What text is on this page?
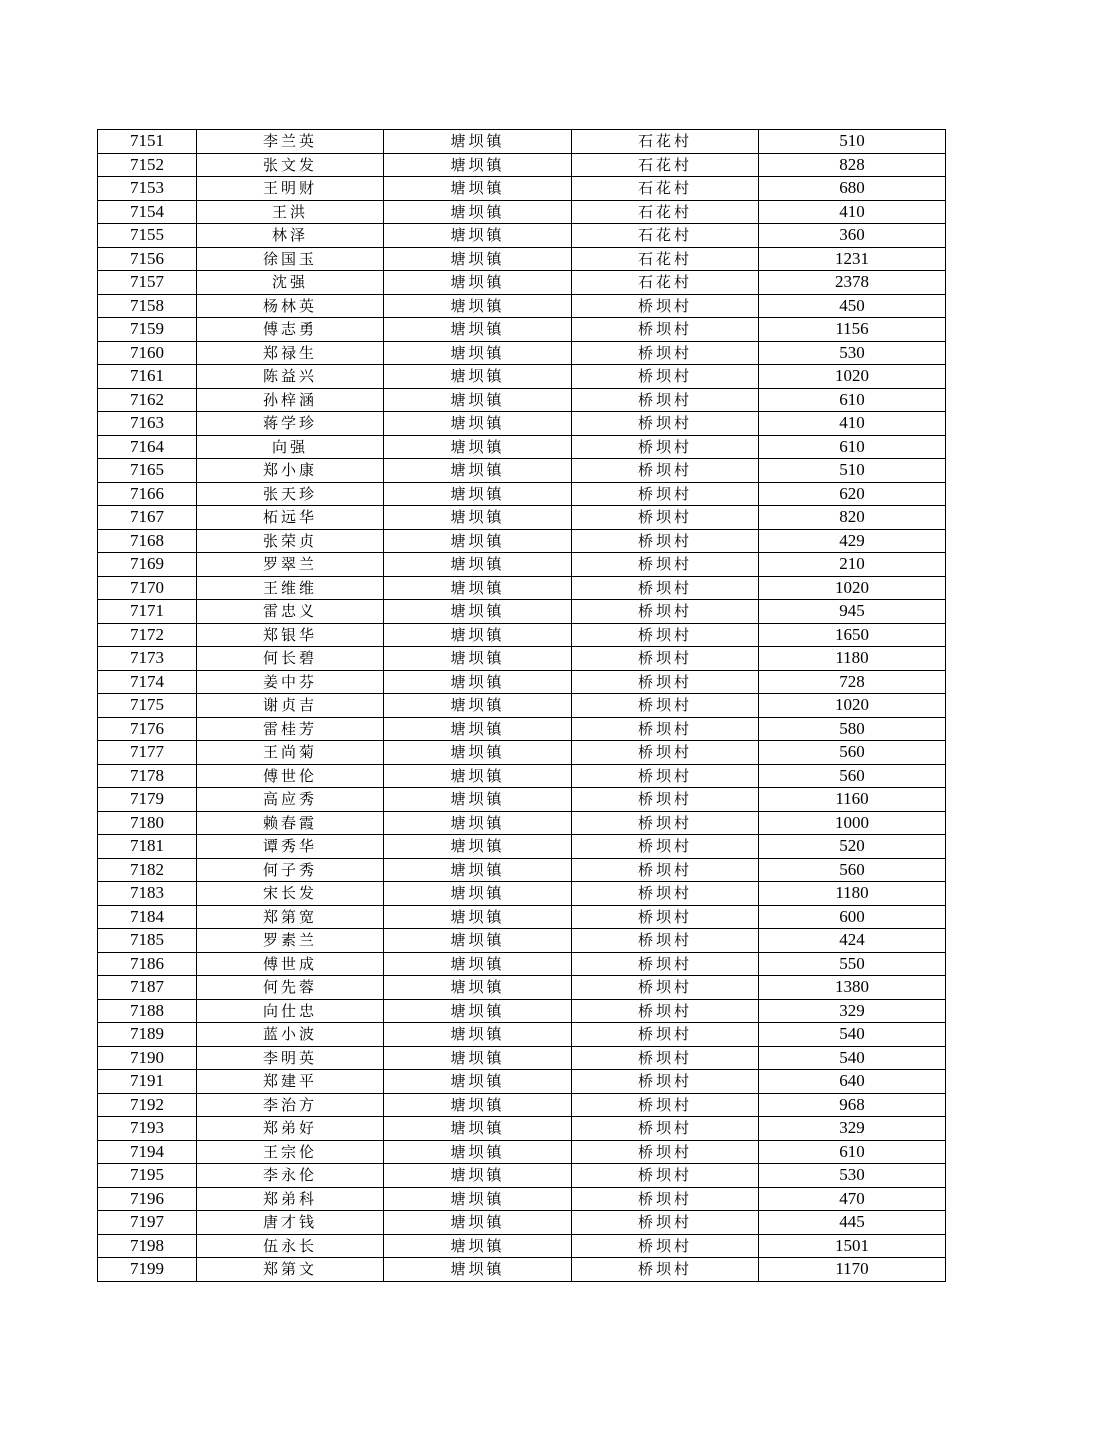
7151	李兰英	塘坝镇	石花村	510
7152	张文发	塘坝镇	石花村	828
7153	王明财	塘坝镇	石花村	680
7154	王洪	塘坝镇	石花村	410
7155	林泽	塘坝镇	石花村	360
7156	徐国玉	塘坝镇	石花村	1231
7157	沈强	塘坝镇	石花村	2378
7158	杨林英	塘坝镇	桥坝村	450
7159	傅志勇	塘坝镇	桥坝村	1156
7160	郑禄生	塘坝镇	桥坝村	530
7161	陈益兴	塘坝镇	桥坝村	1020
7162	孙梓涵	塘坝镇	桥坝村	610
7163	蒋学珍	塘坝镇	桥坝村	410
7164	向强	塘坝镇	桥坝村	610
7165	郑小康	塘坝镇	桥坝村	510
7166	张天珍	塘坝镇	桥坝村	620
7167	柘远华	塘坝镇	桥坝村	820
7168	张荣贞	塘坝镇	桥坝村	429
7169	罗翠兰	塘坝镇	桥坝村	210
7170	王维维	塘坝镇	桥坝村	1020
7171	雷忠义	塘坝镇	桥坝村	945
7172	郑银华	塘坝镇	桥坝村	1650
7173	何长碧	塘坝镇	桥坝村	1180
7174	姜中芬	塘坝镇	桥坝村	728
7175	谢贞吉	塘坝镇	桥坝村	1020
7176	雷桂芳	塘坝镇	桥坝村	580
7177	王尚菊	塘坝镇	桥坝村	560
7178	傅世伦	塘坝镇	桥坝村	560
7179	高应秀	塘坝镇	桥坝村	1160
7180	赖春霞	塘坝镇	桥坝村	1000
7181	谭秀华	塘坝镇	桥坝村	520
7182	何子秀	塘坝镇	桥坝村	560
7183	宋长发	塘坝镇	桥坝村	1180
7184	郑第宽	塘坝镇	桥坝村	600
7185	罗素兰	塘坝镇	桥坝村	424
7186	傅世成	塘坝镇	桥坝村	550
7187	何先蓉	塘坝镇	桥坝村	1380
7188	向仕忠	塘坝镇	桥坝村	329
7189	蓝小波	塘坝镇	桥坝村	540
7190	李明英	塘坝镇	桥坝村	540
7191	郑建平	塘坝镇	桥坝村	640
7192	李治方	塘坝镇	桥坝村	968
7193	郑弟好	塘坝镇	桥坝村	329
7194	王宗伦	塘坝镇	桥坝村	610
7195	李永伦	塘坝镇	桥坝村	530
7196	郑弟科	塘坝镇	桥坝村	470
7197	唐才钱	塘坝镇	桥坝村	445
7198	伍永长	塘坝镇	桥坝村	1501
7199	郑第文	塘坝镇	桥坝村	1170
